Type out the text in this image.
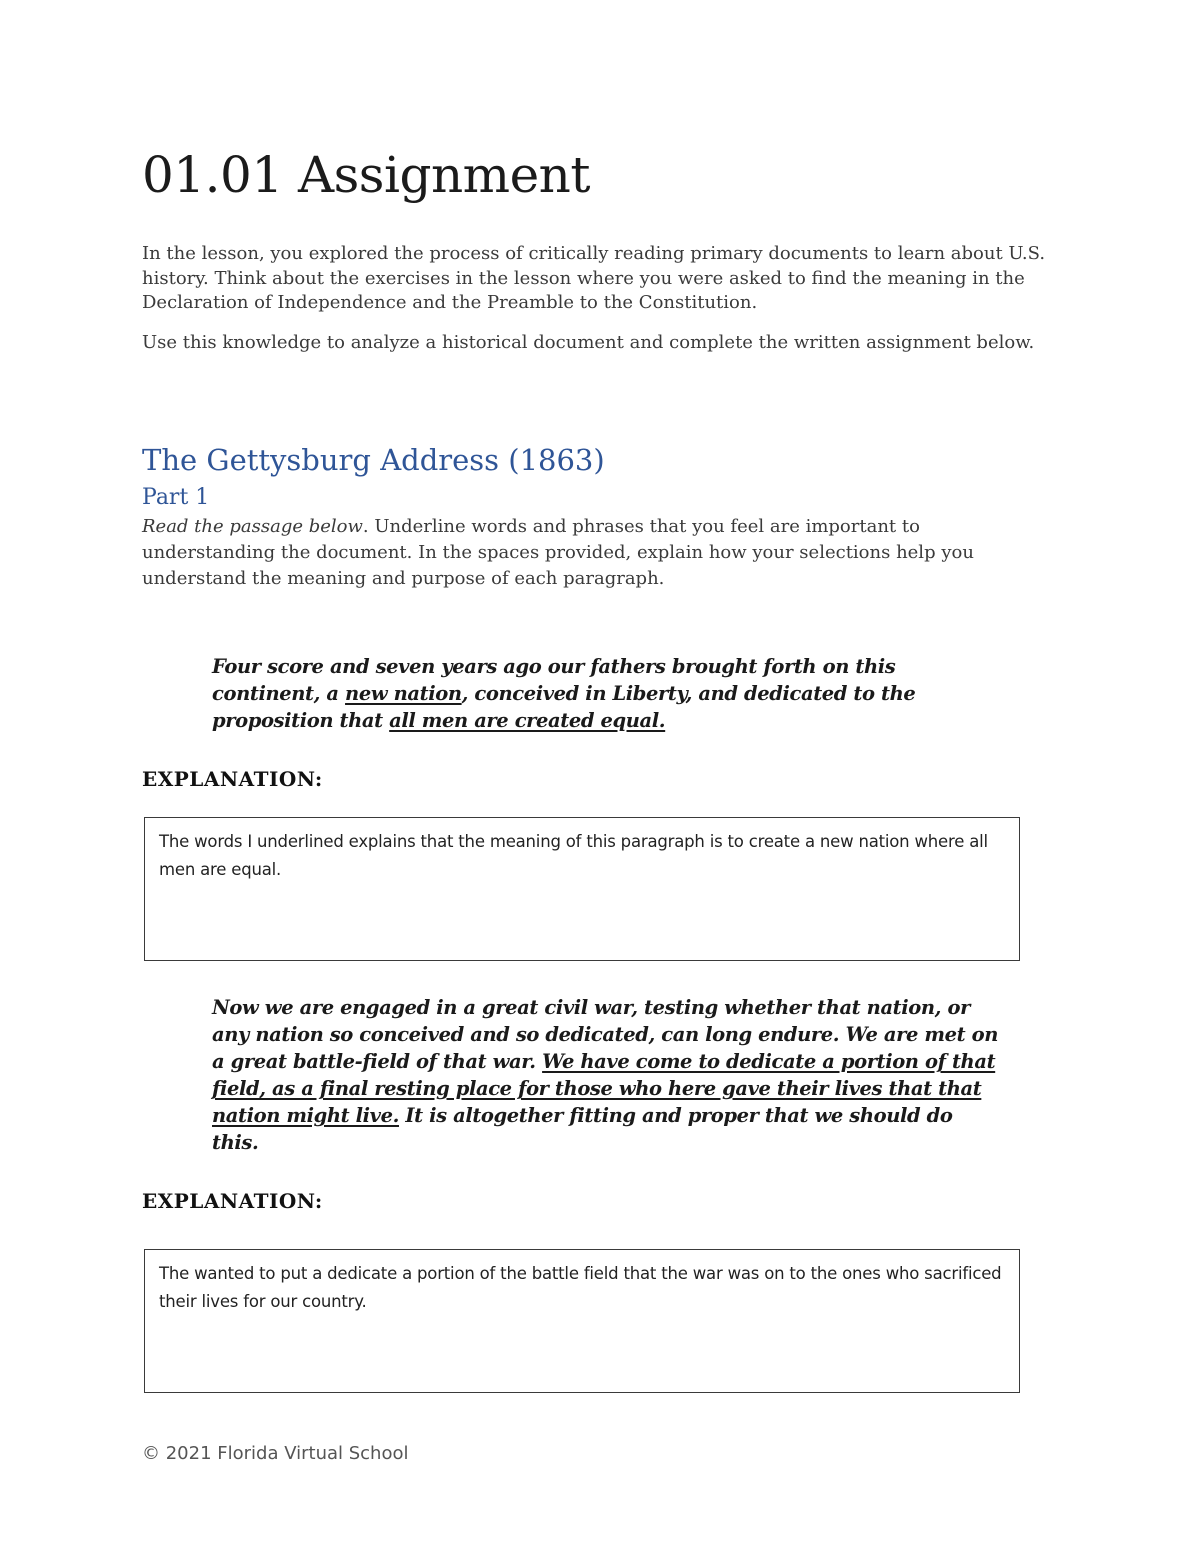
01.01 Assignment

In the lesson, you explored the process of critically reading primary documents to learn about U.S. history. Think about the exercises in the lesson where you were asked to find the meaning in the Declaration of Independence and the Preamble to the Constitution.

Use this knowledge to analyze a historical document and complete the written assignment below.

The Gettysburg Address (1863)
Part 1

Read the passage below. Underline words and phrases that you feel are important to understanding the document. In the spaces provided, explain how your selections help you understand the meaning and purpose of each paragraph.

Four score and seven years ago our fathers brought forth on this continent, a new nation, conceived in Liberty, and dedicated to the proposition that all men are created equal.

EXPLANATION:

The words I underlined explains that the meaning of this paragraph is to create a new nation where all men are equal.

Now we are engaged in a great civil war, testing whether that nation, or any nation so conceived and so dedicated, can long endure. We are met on a great battle-field of that war. We have come to dedicate a portion of that field, as a final resting place for those who here gave their lives that that nation might live. It is altogether fitting and proper that we should do this.

EXPLANATION:

The wanted to put a dedicate a portion of the battle field that the war was on to the ones who sacrificed their lives for our country.

© 2021 Florida Virtual School
